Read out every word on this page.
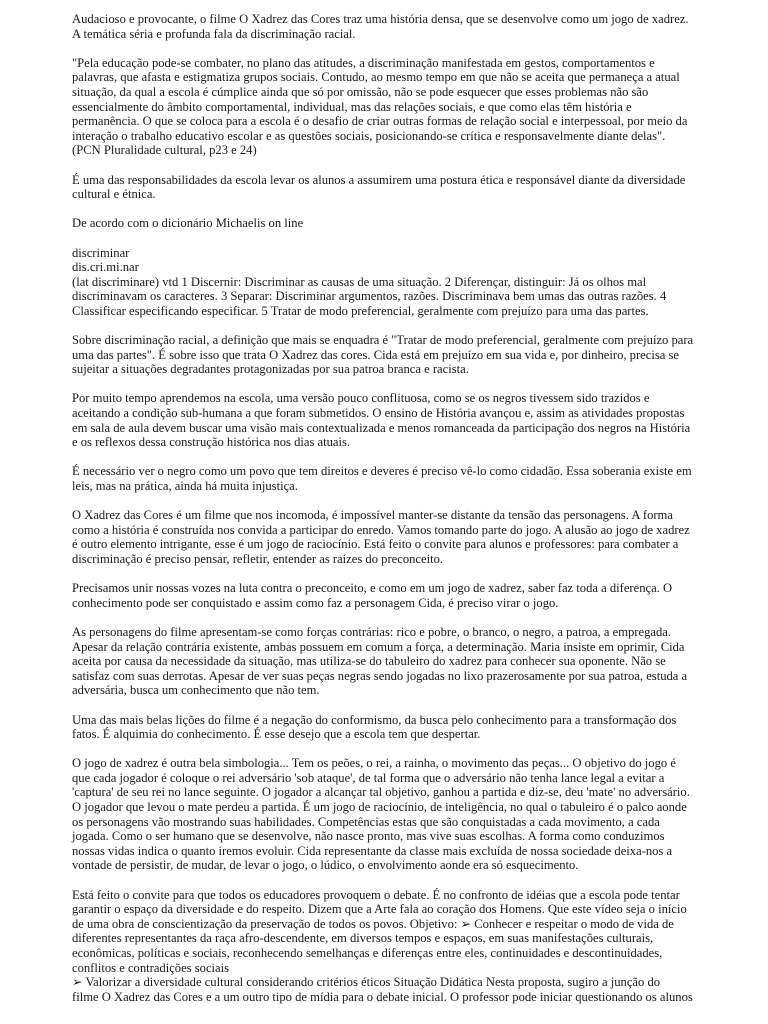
Audacioso e provocante, o filme O Xadrez das Cores traz uma história densa, que se desenvolve como um jogo de xadrez.
A temática séria e profunda fala da discriminação racial.
"Pela educação pode-se combater, no plano das atitudes, a discriminação manifestada em gestos, comportamentos e
palavras, que afasta e estigmatiza grupos sociais. Contudo, ao mesmo tempo em que não se aceita que permaneça a atual
situação, da qual a escola é cúmplice ainda que só por omissão, não se pode esquecer que esses problemas não são
essencialmente do âmbito comportamental, individual, mas das relações sociais, e que como elas têm história e
permanência. O que se coloca para a escola é o desafio de criar outras formas de relação social e interpessoal, por meio da
interação o trabalho educativo escolar e as questões sociais, posicionando-se crítica e responsavelmente diante delas".
(PCN Pluralidade cultural, p23 e 24)
É uma das responsabilidades da escola levar os alunos a assumirem uma postura ética e responsável diante da diversidade
cultural e étnica.
De acordo com o dicionário Michaelis on line
discriminar
dis.cri.mi.nar
(lat discriminare) vtd 1 Discernir: Discriminar as causas de uma situação. 2 Diferençar, distinguir: Já os olhos mal
discriminavam os caracteres. 3 Separar: Discriminar argumentos, razões. Discriminava bem umas das outras razões. 4
Classificar especificando especificar. 5 Tratar de modo preferencial, geralmente com prejuízo para uma das partes.
Sobre discriminação racial, a definição que mais se enquadra é "Tratar de modo preferencial, geralmente com prejuízo para
uma das partes". É sobre isso que trata O Xadrez das cores. Cida está em prejuízo em sua vida e, por dinheiro, precisa se
sujeitar a situações degradantes protagonizadas por sua patroa branca e racista.
Por muito tempo aprendemos na escola, uma versão pouco conflituosa, como se os negros tivessem sido trazidos e
aceitando a condição sub-humana a que foram submetidos. O ensino de História avançou e, assim as atividades propostas
em sala de aula devem buscar uma visão mais contextualizada e menos romanceada da participação dos negros na História
e os reflexos dessa construção histórica nos dias atuais.
É necessário ver o negro como um povo que tem direitos e deveres é preciso vê-lo como cidadão. Essa soberania existe em
leis, mas na prática, ainda há muita injustiça.
O Xadrez das Cores é um filme que nos incomoda, é impossível manter-se distante da tensão das personagens. A forma
como a história é construída nos convida a participar do enredo. Vamos tomando parte do jogo. A alusão ao jogo de xadrez
é outro elemento intrigante, esse é um jogo de raciocínio. Está feito o convite para alunos e professores: para combater a
discriminação é preciso pensar, refletir, entender as raízes do preconceito.
Precisamos unir nossas vozes na luta contra o preconceito, e como em um jogo de xadrez, saber faz toda a diferença. O
conhecimento pode ser conquistado e assim como faz a personagem Cida, é preciso virar o jogo.
As personagens do filme apresentam-se como forças contrárias: rico e pobre, o branco, o negro, a patroa, a empregada.
Apesar da relação contrária existente, ambas possuem em comum a força, a determinação. Maria insiste em oprimir, Cida
aceita por causa da necessidade da situação, mas utiliza-se do tabuleiro do xadrez para conhecer sua oponente. Não se
satisfaz com suas derrotas. Apesar de ver suas peças negras sendo jogadas no lixo prazerosamente por sua patroa, estuda a
adversária, busca um conhecimento que não tem.
Uma das mais belas lições do filme é a negação do conformismo, da busca pelo conhecimento para a transformação dos
fatos. É alquimia do conhecimento. É esse desejo que a escola tem que despertar.
O jogo de xadrez é outra bela simbologia... Tem os peões, o rei, a rainha, o movimento das peças... O objetivo do jogo é
que cada jogador é coloque o rei adversário 'sob ataque', de tal forma que o adversário não tenha lance legal a evitar a
'captura' de seu rei no lance seguinte. O jogador a alcançar tal objetivo, ganhou a partida e diz-se, deu 'mate' no adversário.
O jogador que levou o mate perdeu a partida. É um jogo de raciocínio, de inteligência, no qual o tabuleiro é o palco aonde
os personagens vão mostrando suas habilidades. Competências estas que são conquistadas a cada movimento, a cada
jogada. Como o ser humano que se desenvolve, não nasce pronto, mas vive suas escolhas. A forma como conduzimos
nossas vidas indica o quanto iremos evoluir. Cida representante da classe mais excluída de nossa sociedade deixa-nos a
vontade de persistir, de mudar, de levar o jogo, o lúdico, o envolvimento aonde era só esquecimento.
Está feito o convite para que todos os educadores provoquem o debate. É no confronto de idéias que a escola pode tentar
garantir o espaço da diversidade e do respeito. Dizem que a Arte fala ao coração dos Homens. Que este vídeo seja o início
de uma obra de conscientização da preservação de todos os povos. Objetivo: ➢ Conhecer e respeitar o modo de vida de
diferentes representantes da raça afro-descendente, em diversos tempos e espaços, em suas manifestações culturais,
econômicas, políticas e sociais, reconhecendo semelhanças e diferenças entre eles, continuidades e descontinuidades,
conflitos e contradições sociais
➢ Valorizar a diversidade cultural considerando critérios éticos Situação Didática Nesta proposta, sugiro a junção do
filme O Xadrez das Cores e a um outro tipo de mídia para o debate inicial. O professor pode iniciar questionando os alunos
